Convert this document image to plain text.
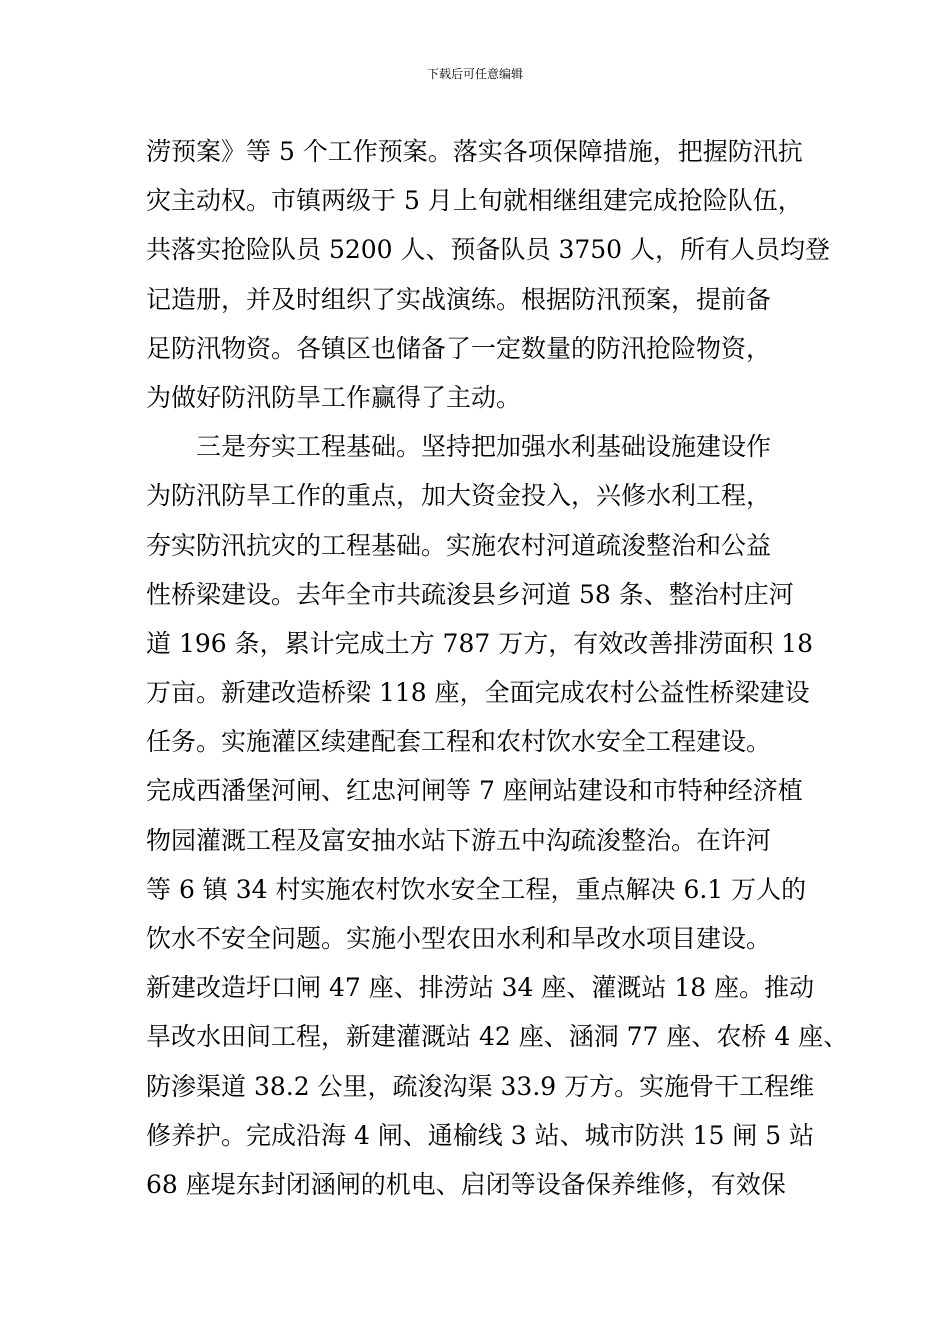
下载后可任意编辑
涝预案》等 5 个工作预案。落实各项保障措施，把握防汛抗
灾主动权。市镇两级于 5 月上旬就相继组建完成抢险队伍，
共落实抢险队员 5200 人、预备队员 3750 人，所有人员均登
记造册，并及时组织了实战演练。根据防汛预案，提前备
足防汛物资。各镇区也储备了一定数量的防汛抢险物资，
为做好防汛防旱工作赢得了主动。
　　三是夯实工程基础。坚持把加强水利基础设施建设作
为防汛防旱工作的重点，加大资金投入，兴修水利工程，
夯实防汛抗灾的工程基础。实施农村河道疏浚整治和公益
性桥梁建设。去年全市共疏浚县乡河道 58 条、整治村庄河
道 196 条，累计完成土方 787 万方，有效改善排涝面积 18
万亩。新建改造桥梁 118 座，全面完成农村公益性桥梁建设
任务。实施灌区续建配套工程和农村饮水安全工程建设。
完成西潘堡河闸、红忠河闸等 7 座闸站建设和市特种经济植
物园灌溉工程及富安抽水站下游五中沟疏浚整治。在许河
等 6 镇 34 村实施农村饮水安全工程，重点解决 6.1 万人的
饮水不安全问题。实施小型农田水利和旱改水项目建设。
新建改造圩口闸 47 座、排涝站 34 座、灌溉站 18 座。推动
旱改水田间工程，新建灌溉站 42 座、涵洞 77 座、农桥 4 座、
防渗渠道 38.2 公里，疏浚沟渠 33.9 万方。实施骨干工程维
修养护。完成沿海 4 闸、通榆线 3 站、城市防洪 15 闸 5 站
68 座堤东封闭涵闸的机电、启闭等设备保养维修，有效保
